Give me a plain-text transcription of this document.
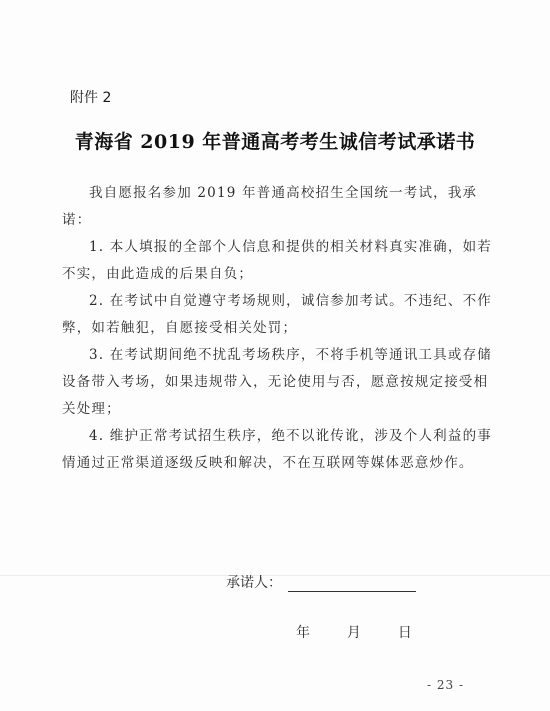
附件 2
青海省 2019 年普通高考考生诚信考试承诺书

我自愿报名参加 2019 年普通高校招生全国统一考试，我承诺：

1. 本人填报的全部个人信息和提供的相关材料真实准确，如若不实，由此造成的后果自负；

2. 在考试中自觉遵守考场规则，诚信参加考试。不违纪、不作弊，如若触犯，自愿接受相关处罚；

3. 在考试期间绝不扰乱考场秩序，不将手机等通讯工具或存储设备带入考场，如果违规带入，无论使用与否，愿意按规定接受相关处理；

4. 维护正常考试招生秩序，绝不以讹传讹，涉及个人利益的事情通过正常渠道逐级反映和解决，不在互联网等媒体恶意炒作。

承诺人：
年	月	日
- 23 -
